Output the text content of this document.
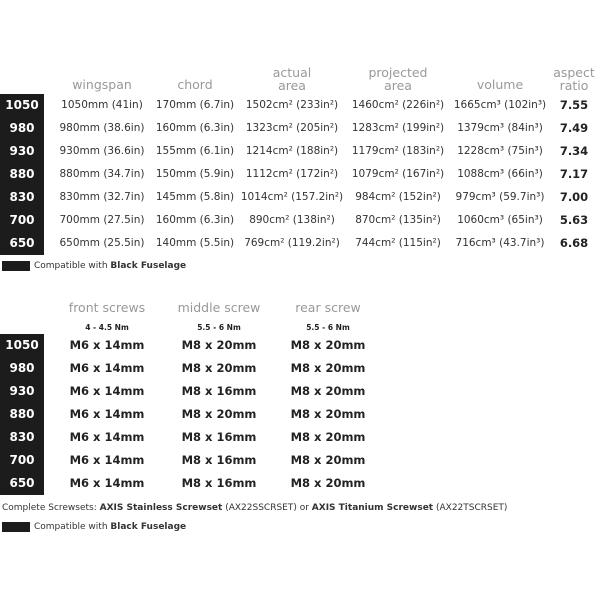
wingspan	chord
actual
area
projected
area	volume
aspect
ratio
1050	1050mm (41in)	170mm (6.7in)	1502cm² (233in²)	1460cm² (226in²) 1665cm³ (102in³)	7.55
980	980mm (38.6in)	160mm (6.3in)	1323cm² (205in²)	1283cm² (199in²)	1379cm³ (84in³)	7.49
930	930mm (36.6in)	155mm (6.1in)	1214cm² (188in²)	1179cm² (183in²)	1228cm³ (75in³)	7.34
880	880mm (34.7in)	150mm (5.9in)	1112cm² (172in²)	1079cm² (167in²)	1088cm³ (66in³)	7.17
830	830mm (32.7in)	145mm (5.8in) 1014cm² (157.2in²)	984cm² (152in²)	979cm³ (59.7in³)	7.00
700	700mm (27.5in)	160mm (6.3in)	890cm² (138in²)	870cm² (135in²)	1060cm³ (65in³)	5.63
650	650mm (25.5in)	140mm (5.5in) 769cm² (119.2in²)	744cm² (115in²)	716cm³ (43.7in³)	6.68
Compatible with Black Fuselage
front screws	middle screw	rear screw
4 - 4.5 Nm	5.5 - 6 Nm	5.5 - 6 Nm
1050	M6 x 14mm	M8 x 20mm	M8 x 20mm
980	M6 x 14mm	M8 x 20mm	M8 x 20mm
930	M6 x 14mm	M8 x 16mm	M8 x 20mm
880	M6 x 14mm	M8 x 20mm	M8 x 20mm
830	M6 x 14mm	M8 x 16mm	M8 x 20mm
700	M6 x 14mm	M8 x 16mm	M8 x 20mm
650	M6 x 14mm	M8 x 16mm	M8 x 20mm
Complete Screwsets: AXIS Stainless Screwset (AX22SSCRSET) or AXIS Titanium Screwset (AX22TSCRSET)
Compatible with Black Fuselage
